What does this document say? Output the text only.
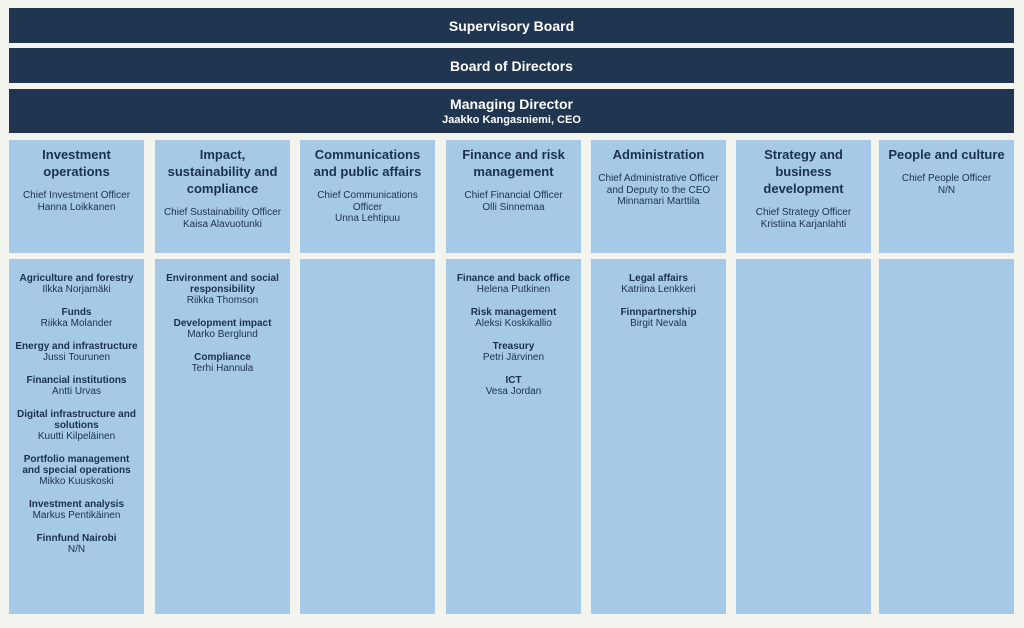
Supervisory Board
Board of Directors
Managing Director
Jaakko Kangasniemi, CEO
Investment operations
Chief Investment Officer
Hanna Loikkanen
Agriculture and forestry
Ilkka Norjamäki
Funds
Riikka Molander
Energy and infrastructure
Jussi Tourunen
Financial institutions
Antti Urvas
Digital infrastructure and solutions
Kuutti Kilpeläinen
Portfolio management and special operations
Mikko Kuuskoski
Investment analysis
Markus Pentikäinen
Finnfund Nairobi
N/N
Impact, sustainability and compliance
Chief Sustainability Officer
Kaisa Alavuotunki
Environment and social responsibility
Riikka Thomson
Development impact
Marko Berglund
Compliance
Terhi Hannula
Communications and public affairs
Chief Communications Officer
Unna Lehtipuu
Finance and risk management
Chief Financial Officer
Olli Sinnemaa
Finance and back office
Helena Putkinen
Risk management
Aleksi Koskikallio
Treasury
Petri Järvinen
ICT
Vesa Jordan
Administration
Chief Administrative Officer and Deputy to the CEO
Minnamari Marttila
Legal affairs
Katriina Lenkkeri
Finnpartnership
Birgit Nevala
Strategy and business development
Chief Strategy Officer
Kristiina Karjanlahti
People and culture
Chief People Officer
N/N
